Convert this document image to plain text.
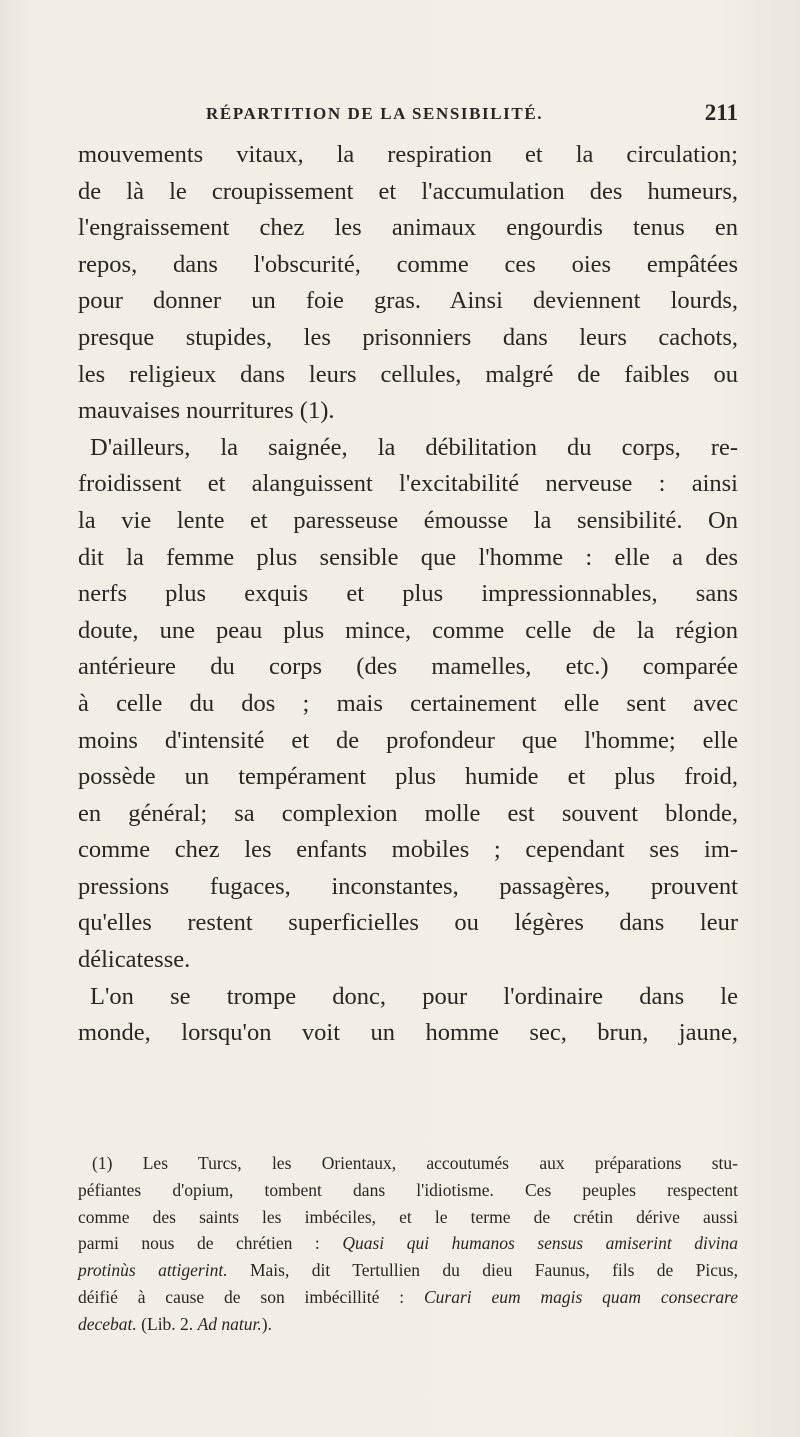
RÉPARTITION DE LA SENSIBILITÉ.	211
mouvements vitaux, la respiration et la circulation;
de là le croupissement et l'accumulation des humeurs,
l'engraissement chez les animaux engourdis tenus en
repos, dans l'obscurité, comme ces oies empâtées
pour donner un foie gras. Ainsi deviennent lourds,
presque stupides, les prisonniers dans leurs cachots,
les religieux dans leurs cellules, malgré de faibles ou
mauvaises nourritures (1).
D'ailleurs, la saignée, la débilitation du corps, re-
froidissent et alanguissent l'excitabilité nerveuse : ainsi
la vie lente et paresseuse émousse la sensibilité. On
dit la femme plus sensible que l'homme : elle a des
nerfs plus exquis et plus impressionnables, sans
doute, une peau plus mince, comme celle de la région
antérieure du corps (des mamelles, etc.) comparée
à celle du dos ; mais certainement elle sent avec
moins d'intensité et de profondeur que l'homme; elle
possède un tempérament plus humide et plus froid,
en général; sa complexion molle est souvent blonde,
comme chez les enfants mobiles ; cependant ses im-
pressions fugaces, inconstantes, passagères, prouvent
qu'elles restent superficielles ou légères dans leur
délicatesse.
L'on se trompe donc, pour l'ordinaire dans le
monde, lorsqu'on voit un homme sec, brun, jaune,
(1) Les Turcs, les Orientaux, accoutumés aux préparations stu-
péfiantes d'opium, tombent dans l'idiotisme. Ces peuples respectent
comme des saints les imbéciles, et le terme de crétin dérive aussi
parmi nous de chrétien : Quasi qui humanos sensus amiserint divina
protinùs attigerint. Mais, dit Tertullien du dieu Faunus, fils de Picus,
déifié à cause de son imbécillité : Curari eum magis quam consecrare
decebat. (Lib. 2. Ad natur.).
